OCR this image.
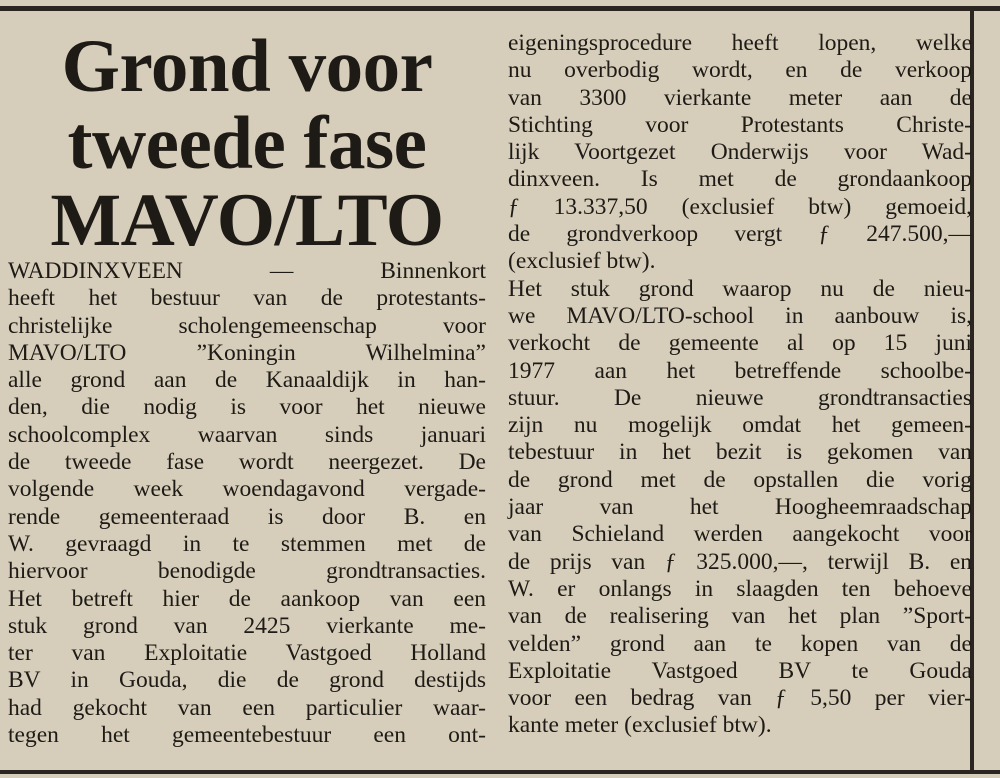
Grond voor
tweede fase
MAVO/LTO
WADDINXVEEN — Binnenkort
heeft het bestuur van de protestants-
christelijke scholengemeenschap voor
MAVO/LTO ”Koningin Wilhelmina”
alle grond aan de Kanaaldijk in han-
den, die nodig is voor het nieuwe
schoolcomplex waarvan sinds januari
de tweede fase wordt neergezet. De
volgende week woendagavond vergade-
rende gemeenteraad is door B. en
W. gevraagd in te stemmen met de
hiervoor benodigde grondtransacties.
Het betreft hier de aankoop van een
stuk grond van 2425 vierkante me-
ter van Exploitatie Vastgoed Holland
BV in Gouda, die de grond destijds
had gekocht van een particulier waar-
tegen het gemeentebestuur een ont-
eigeningsprocedure heeft lopen, welke
nu overbodig wordt, en de verkoop
van 3300 vierkante meter aan de
Stichting voor Protestants Christe-
lijk Voortgezet Onderwijs voor Wad-
dinxveen. Is met de grondaankoop
ƒ 13.337,50 (exclusief btw) gemoeid,
de grondverkoop vergt ƒ 247.500,—
(exclusief btw).
Het stuk grond waarop nu de nieu-
we MAVO/LTO-school in aanbouw is,
verkocht de gemeente al op 15 juni
1977 aan het betreffende schoolbe-
stuur. De nieuwe grondtransacties
zijn nu mogelijk omdat het gemeen-
tebestuur in het bezit is gekomen van
de grond met de opstallen die vorig
jaar van het Hoogheemraadschap
van Schieland werden aangekocht voor
de prijs van ƒ 325.000,—, terwijl B. en
W. er onlangs in slaagden ten behoeve
van de realisering van het plan ”Sport-
velden” grond aan te kopen van de
Exploitatie Vastgoed BV te Gouda
voor een bedrag van ƒ 5,50 per vier-
kante meter (exclusief btw).
